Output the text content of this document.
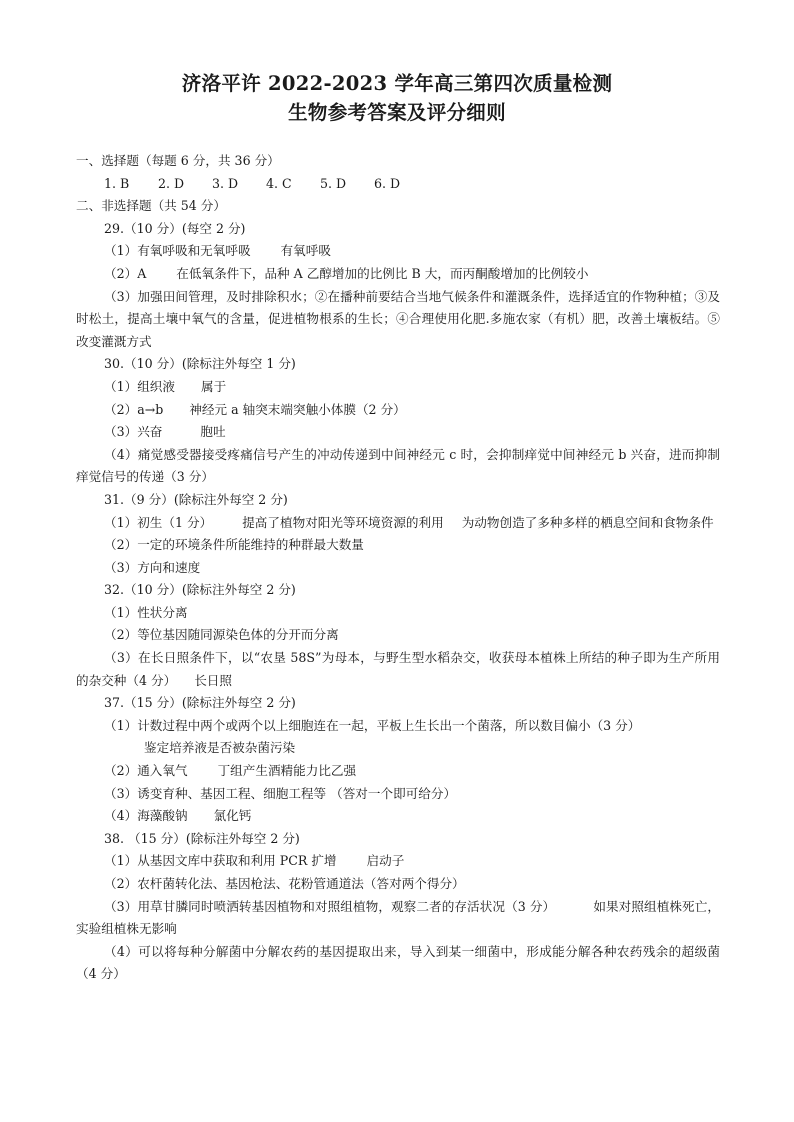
济洛平许 2022-2023 学年高三第四次质量检测
生物参考答案及评分细则
一、选择题（每题 6 分，共 36 分）
1. B 2. D 3. D 4. C 5. D 6. D
二、非选择题（共 54 分）
29.（10 分）(每空 2 分)
（1）有氧呼吸和无氧呼吸 有氧呼吸
（2）A 在低氧条件下，品种 A 乙醇增加的比例比 B 大，而丙酮酸增加的比例较小
（3）加强田间管理，及时排除积水；②在播种前要结合当地气候条件和灌溉条件，选择适宜的作物种植；③及时松土，提高土壤中氧气的含量，促进植物根系的生长；④合理使用化肥.多施农家（有机）肥，改善土壤板结。⑤改变灌溉方式
30.（10 分）(除标注外每空 1 分)
（1）组织液 属于
（2）a→b 神经元 a 轴突末端突触小体膜（2 分）
（3）兴奋	胞吐
（4）痛觉感受器接受疼痛信号产生的冲动传递到中间神经元 c 时，会抑制痒觉中间神经元 b 兴奋，进而抑制痒觉信号的传递（3 分）
31.（9 分）(除标注外每空 2 分)
（1）初生（1 分） 提高了植物对阳光等环境资源的利用 为动物创造了多种多样的栖息空间和食物条件
（2）一定的环境条件所能维持的种群最大数量
（3）方向和速度
32.（10 分）(除标注外每空 2 分)
（1）性状分离
（2）等位基因随同源染色体的分开而分离
（3）在长日照条件下，以“农垦 58S”为母本，与野生型水稻杂交，收获母本植株上所结的种子即为生产所用的杂交种（4 分） 长日照
37.（15 分）(除标注外每空 2 分)
（1）计数过程中两个或两个以上细胞连在一起，平板上生长出一个菌落，所以数目偏小（3 分）
鉴定培养液是否被杂菌污染
（2）通入氧气 丁组产生酒精能力比乙强
（3）诱变育种、基因工程、细胞工程等 （答对一个即可给分）
（4）海藻酸钠 氯化钙
38. （15 分）(除标注外每空 2 分)
（1）从基因文库中获取和利用 PCR 扩增 启动子
（2）农杆菌转化法、基因枪法、花粉管通道法（答对两个得分）
（3）用草甘膦同时喷洒转基因植物和对照组植物，观察二者的存活状况（3 分）	如果对照组植株死亡，实验组植株无影响
（4）可以将每种分解菌中分解农药的基因提取出来，导入到某一细菌中，形成能分解各种农药残余的超级菌（4 分）
